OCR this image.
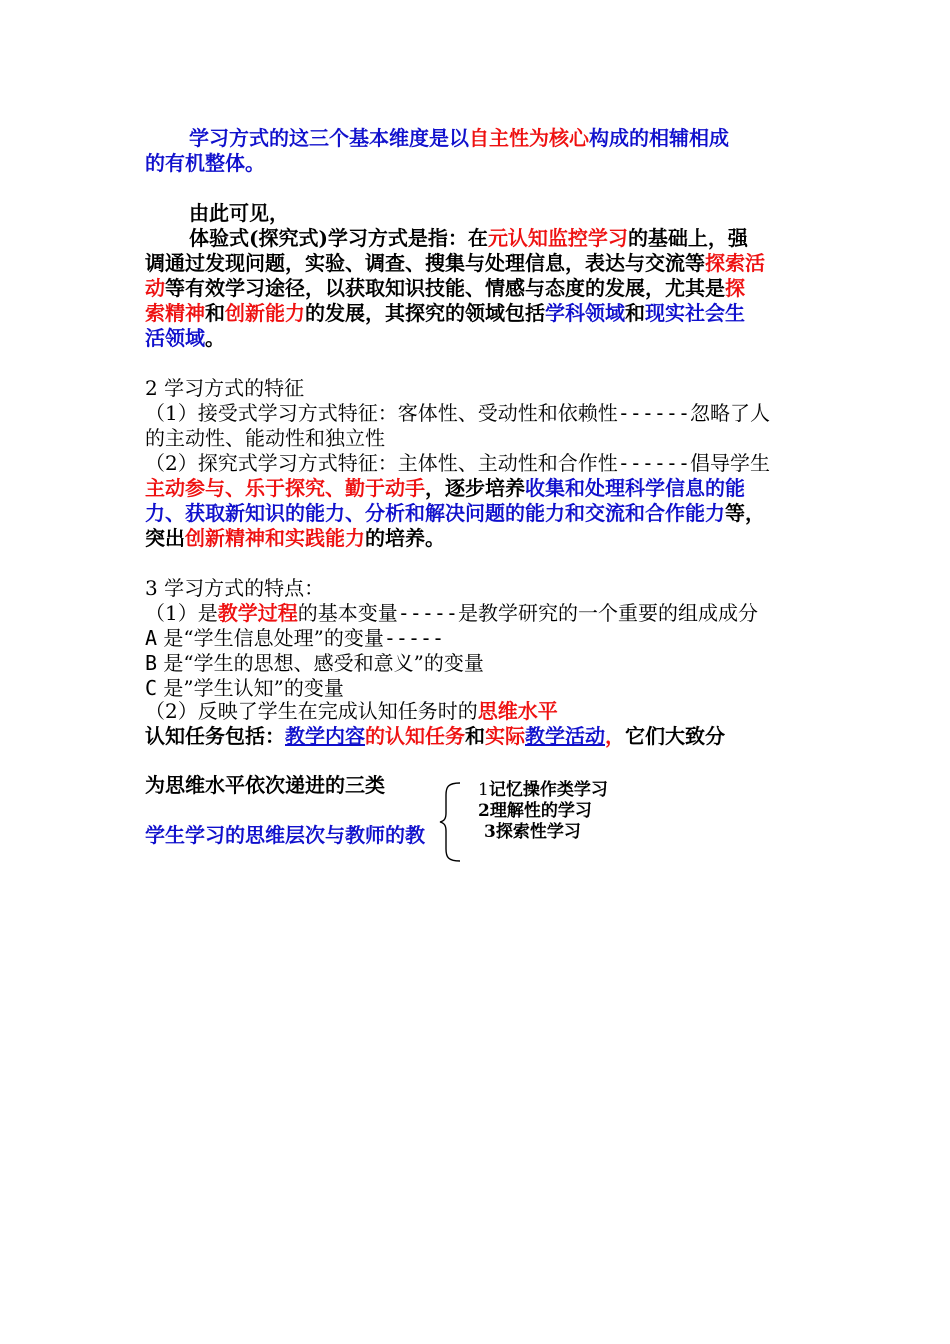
学习方式的这三个基本维度是以自主性为核心构成的相辅相成
的有机整体。
由此可见，
体验式(探究式)学习方式是指：在元认知监控学习的基础上，强
调通过发现问题，实验、调查、搜集与处理信息，表达与交流等探索活
动等有效学习途径，以获取知识技能、情感与态度的发展，尤其是探
索精神和创新能力的发展，其探究的领域包括学科领域和现实社会生
活领域。
2 学习方式的特征
（1）接受式学习方式特征：客体性、受动性和依赖性------忽略了人
的主动性、能动性和独立性
（2）探究式学习方式特征：主体性、主动性和合作性------倡导学生
主动参与、乐于探究、勤于动手，逐步培养收集和处理科学信息的能
力、获取新知识的能力、分析和解决问题的能力和交流和合作能力等，
突出创新精神和实践能力的培养。
3 学习方式的特点：
（1）是教学过程的基本变量-----是教学研究的一个重要的组成成分
A 是“学生信息处理”的变量-----
B 是“学生的思想、感受和意义”的变量
C 是”学生认知”的变量
（2）反映了学生在完成认知任务时的思维水平
认知任务包括：教学内容的认知任务和实际教学活动，它们大致分
为思维水平依次递进的三类
学生学习的思维层次与教师的教
1记忆操作类学习
2理解性的学习
3探索性学习
